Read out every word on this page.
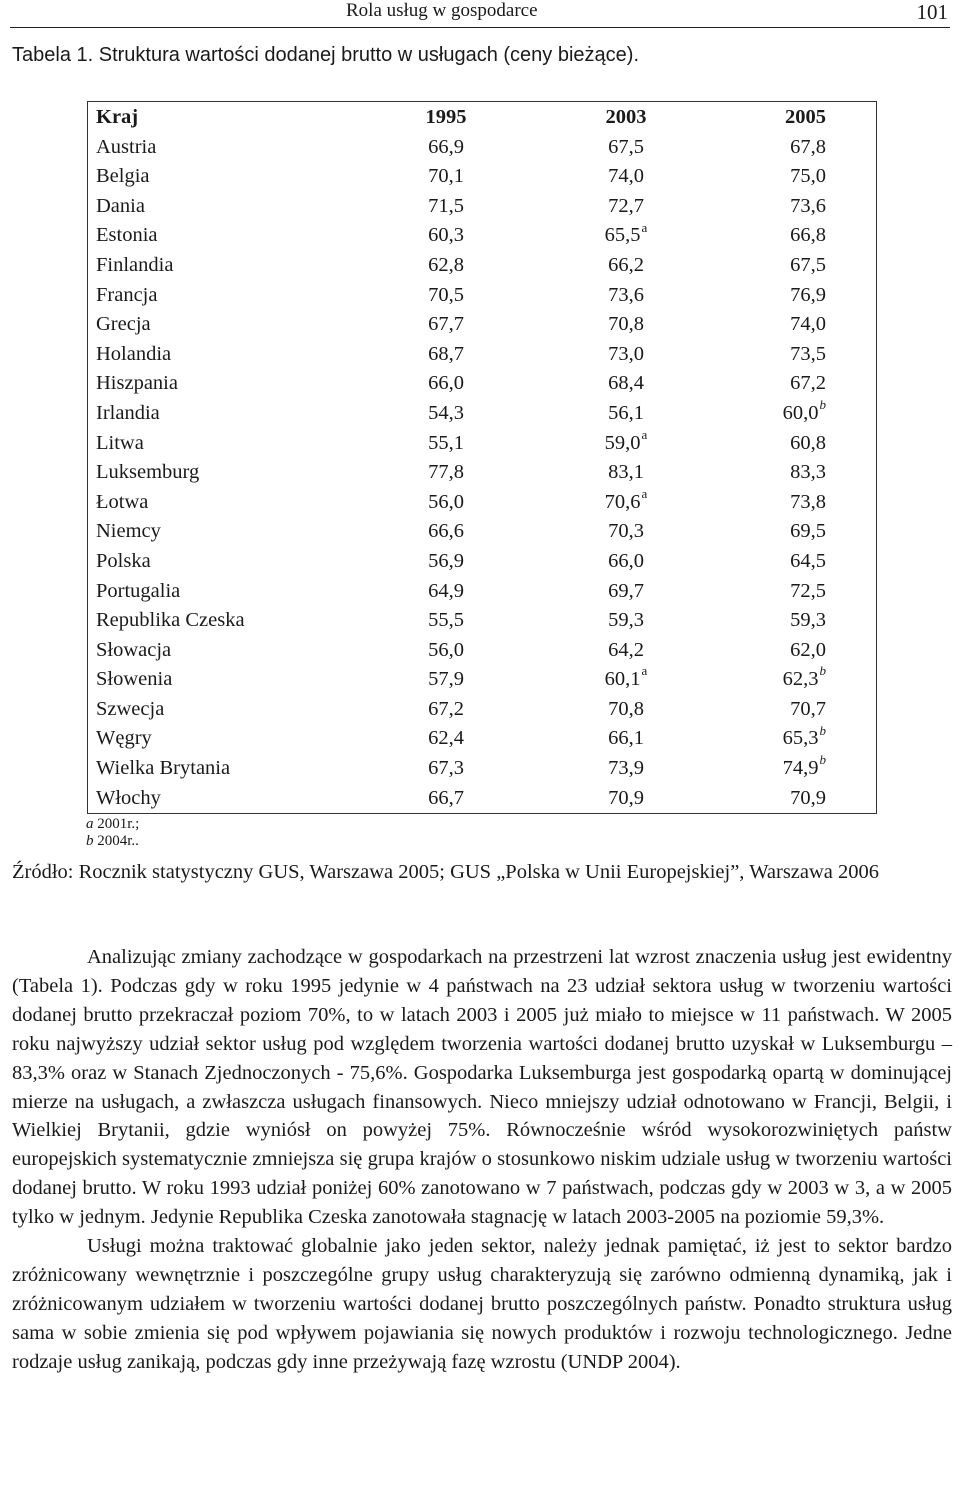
Rola usług w gospodarce	101
Tabela 1. Struktura wartości dodanej brutto w usługach (ceny bieżące).
Kraj	1995	2003	2005
Austria	66,9	67,5	67,8
Belgia	70,1	74,0	75,0
Dania	71,5	72,7	73,6
Estonia	60,3	65,5$^a$	66,8
Finlandia	62,8	66,2	67,5
Francja	70,5	73,6	76,9
Grecja	67,7	70,8	74,0
Holandia	68,7	73,0	73,5
Hiszpania	66,0	68,4	67,2
Irlandia	54,3	56,1	60,0$^b$
Litwa	55,1	59,0$^a$	60,8
Luksemburg	77,8	83,1	83,3
Łotwa	56,0	70,6$^a$	73,8
Niemcy	66,6	70,3	69,5
Polska	56,9	66,0	64,5
Portugalia	64,9	69,7	72,5
Republika Czeska	55,5	59,3	59,3
Słowacja	56,0	64,2	62,0
Słowenia	57,9	60,1$^a$	62,3$^b$
Szwecja	67,2	70,8	70,7
Węgry	62,4	66,1	65,3$^b$
Wielka Brytania	67,3	73,9	74,9$^b$
Włochy	66,7	70,9	70,9
a 2001r.;
b 2004r..
Źródło: Rocznik statystyczny GUS, Warszawa 2005; GUS „Polska w Unii Europejskiej”, Warszawa 2006

Analizując zmiany zachodzące w gospodarkach na przestrzeni lat wzrost znaczenia usług jest ewidentny (Tabela 1). Podczas gdy w roku 1995 jedynie w 4 państwach na 23 udział sektora usług w tworzeniu wartości dodanej brutto przekraczał poziom 70%, to w latach 2003 i 2005 już miało to miejsce w 11 państwach. W 2005 roku najwyższy udział sektor usług pod względem tworzenia wartości dodanej brutto uzyskał w Luksemburgu – 83,3% oraz w Stanach Zjednoczonych - 75,6%. Gospodarka Luksemburga jest gospodarką opartą w dominującej mierze na usługach, a zwłaszcza usługach finansowych. Nieco mniejszy udział odnotowano w Francji, Belgii, i Wielkiej Brytanii, gdzie wyniósł on powyżej 75%. Równocześnie wśród wysokorozwiniętych państw europejskich systematycznie zmniejsza się grupa krajów o stosunkowo niskim udziale usług w tworzeniu wartości dodanej brutto. W roku 1993 udział poniżej 60% zanotowano w 7 państwach, podczas gdy w 2003 w 3, a w 2005 tylko w jednym. Jedynie Republika Czeska zanotowała stagnację w latach 2003-2005 na poziomie 59,3%.

Usługi można traktować globalnie jako jeden sektor, należy jednak pamiętać, iż jest to sektor bardzo zróżnicowany wewnętrznie i poszczególne grupy usług charakteryzują się zarówno odmienną dynamiką, jak i zróżnicowanym udziałem w tworzeniu wartości dodanej brutto poszczególnych państw. Ponadto struktura usług sama w sobie zmienia się pod wpływem pojawiania się nowych produktów i rozwoju technologicznego. Jedne rodzaje usług zanikają, podczas gdy inne przeżywają fazę wzrostu (UNDP 2004).
